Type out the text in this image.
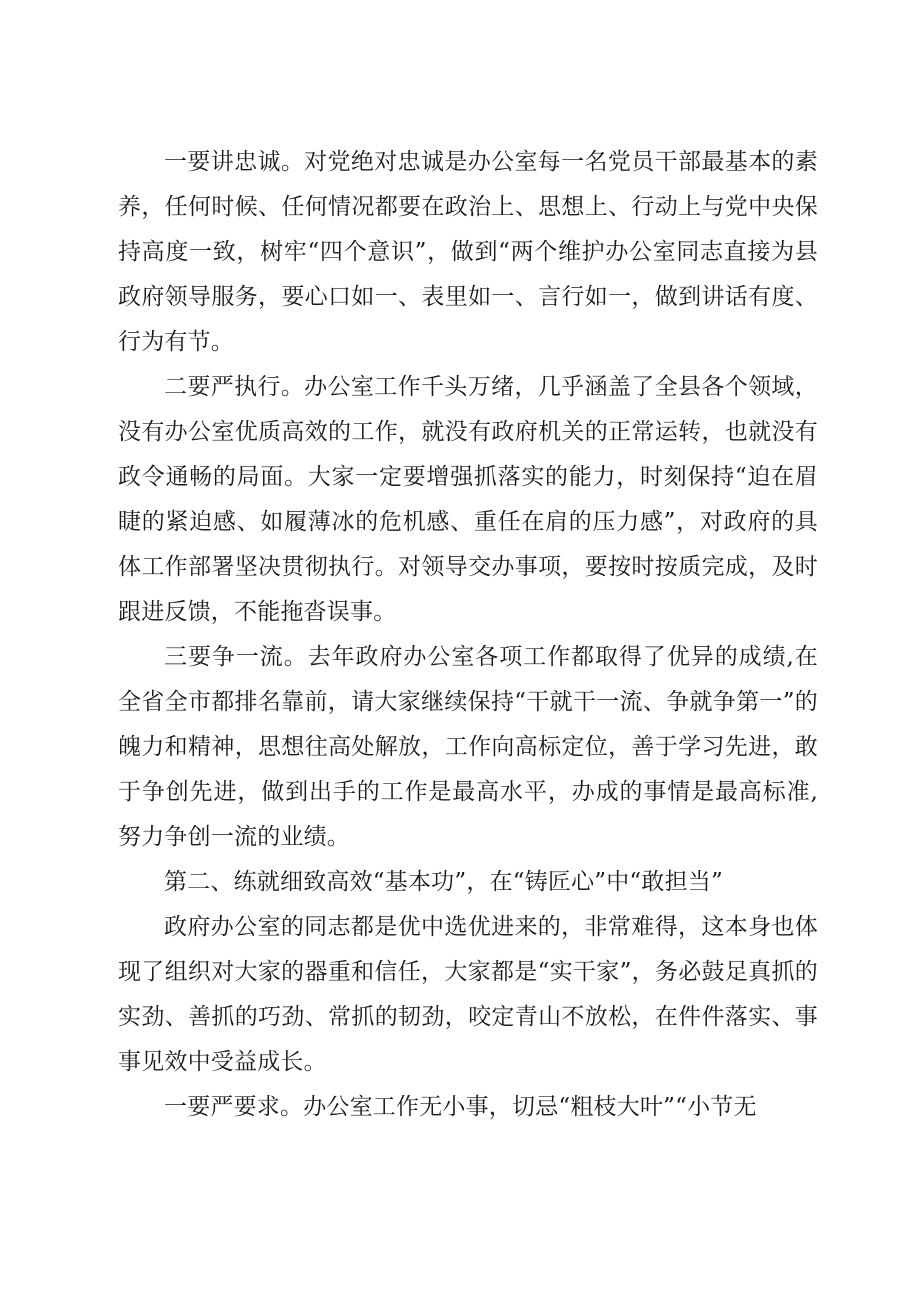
一要讲忠诚。对党绝对忠诚是办公室每一名党员干部最基本的素养，任何时候、任何情况都要在政治上、思想上、行动上与党中央保持高度一致，树牢“四个意识”，做到“两个维护办公室同志直接为县政府领导服务，要心口如一、表里如一、言行如一，做到讲话有度、行为有节。

二要严执行。办公室工作千头万绪，几乎涵盖了全县各个领域，没有办公室优质高效的工作，就没有政府机关的正常运转，也就没有政令通畅的局面。大家一定要增强抓落实的能力，时刻保持“迫在眉睫的紧迫感、如履薄冰的危机感、重任在肩的压力感”，对政府的具体工作部署坚决贯彻执行。对领导交办事项，要按时按质完成，及时跟进反馈，不能拖沓误事。

三要争一流。去年政府办公室各项工作都取得了优异的成绩,在全省全市都排名靠前，请大家继续保持“干就干一流、争就争第一”的魄力和精神，思想往高处解放，工作向高标定位，善于学习先进，敢于争创先进，做到出手的工作是最高水平，办成的事情是最高标准,努力争创一流的业绩。

第二、练就细致高效“基本功”，在“铸匠心”中“敢担当”

政府办公室的同志都是优中选优进来的，非常难得，这本身也体现了组织对大家的器重和信任，大家都是“实干家”，务必鼓足真抓的实劲、善抓的巧劲、常抓的韧劲，咬定青山不放松，在件件落实、事事见效中受益成长。

一要严要求。办公室工作无小事，切忌“粗枝大叶”“小节无
